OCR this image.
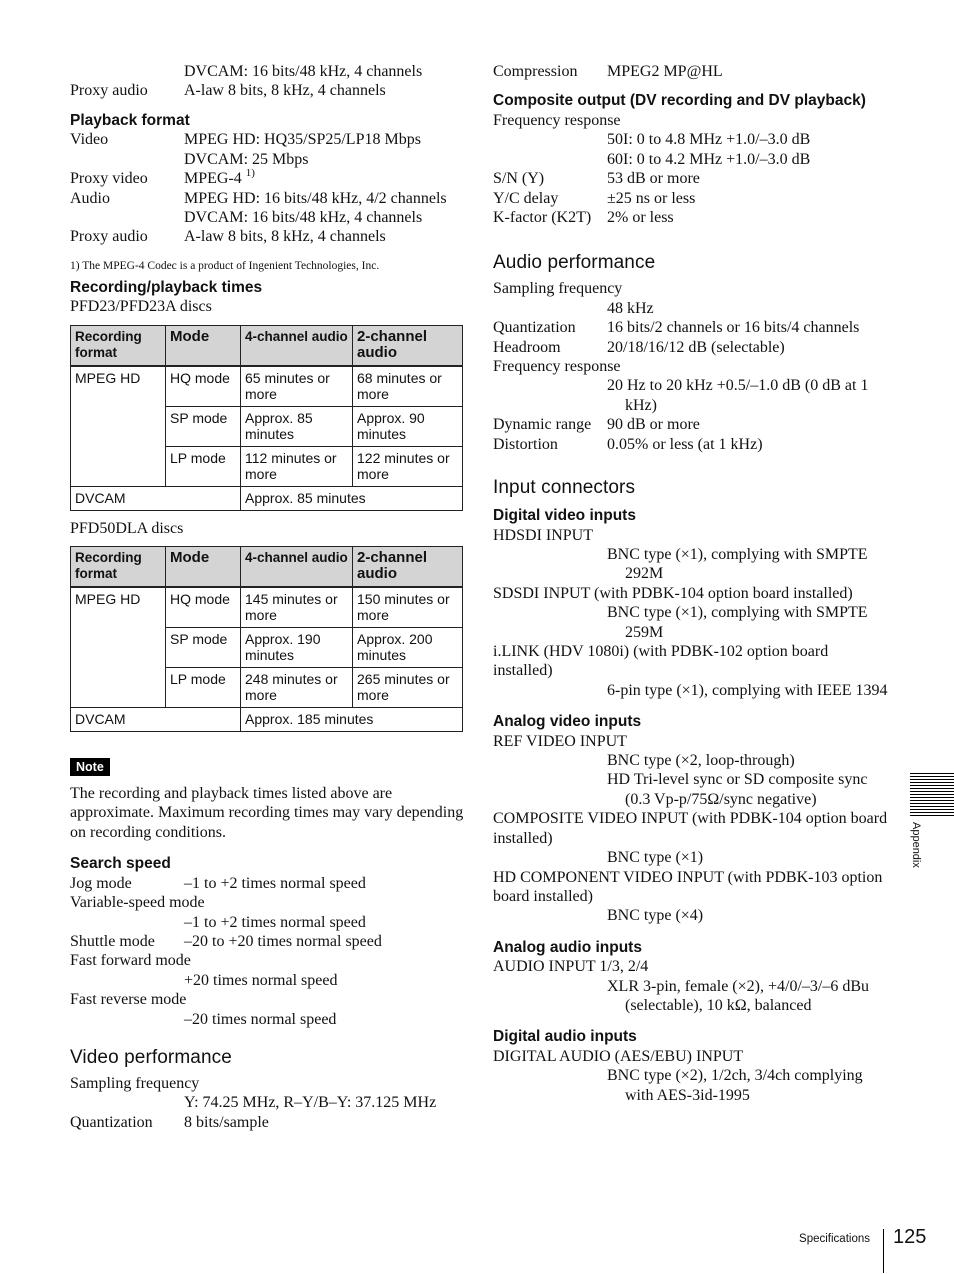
DVCAM: 16 bits/48 kHz, 4 channels
Proxy audio	A-law 8 bits, 8 kHz, 4 channels
Playback format
Video	MPEG HD: HQ35/SP25/LP18 Mbps
DVCAM: 25 Mbps
Proxy video	MPEG-4 $^{1)}$
Audio	MPEG HD: 16 bits/48 kHz, 4/2 channels
DVCAM: 16 bits/48 kHz, 4 channels
Proxy audio	A-law 8 bits, 8 kHz, 4 channels
1) The MPEG-4 Codec is a product of Ingenient Technologies, Inc.
Recording/playback times
PFD23/PFD23A discs
Recording format	Mode	4-channel audio	2-channel audio
MPEG HD	HQ mode	65 minutes or more	68 minutes or more
	SP mode	Approx. 85 minutes	Approx. 90 minutes
	LP mode	112 minutes or more	122 minutes or more
DVCAM		Approx. 85 minutes	
PFD50DLA discs
Recording format	Mode	4-channel audio	2-channel audio
MPEG HD	HQ mode	145 minutes or more	150 minutes or more
	SP mode	Approx. 190 minutes	Approx. 200 minutes
	LP mode	248 minutes or more	265 minutes or more
DVCAM		Approx. 185 minutes	
Note
The recording and playback times listed above are approximate. Maximum recording times may vary depending on recording conditions.
Search speed
Jog mode	–1 to +2 times normal speed
Variable-speed mode
–1 to +2 times normal speed
Shuttle mode	–20 to +20 times normal speed
Fast forward mode
+20 times normal speed
Fast reverse mode
–20 times normal speed
Video performance
Sampling frequency
Y: 74.25 MHz, R–Y/B–Y: 37.125 MHz
Quantization	8 bits/sample
Compression	MPEG2 MP@HL
Composite output (DV recording and DV playback)
Frequency response
50I: 0 to 4.8 MHz +1.0/–3.0 dB
60I: 0 to 4.2 MHz +1.0/–3.0 dB
S/N (Y)	53 dB or more
Y/C delay	±25 ns or less
K-factor (K2T) 2% or less
Audio performance
Sampling frequency
48 kHz
Quantization	16 bits/2 channels or 16 bits/4 channels
Headroom	20/18/16/12 dB (selectable)
Frequency response
20 Hz to 20 kHz +0.5/–1.0 dB (0 dB at 1 kHz)
Dynamic range 90 dB or more
Distortion	0.05% or less (at 1 kHz)
Input connectors
Digital video inputs
HDSDI INPUT
BNC type (×1), complying with SMPTE 292M
SDSDI INPUT (with PDBK-104 option board installed)
BNC type (×1), complying with SMPTE 259M
i.LINK (HDV 1080i) (with PDBK-102 option board installed)
6-pin type (×1), complying with IEEE 1394
Analog video inputs
REF VIDEO INPUT
BNC type (×2, loop-through)
HD Tri-level sync or SD composite sync (0.3 Vp-p/75Ω/sync negative)
COMPOSITE VIDEO INPUT (with PDBK-104 option board installed)
BNC type (×1)
HD COMPONENT VIDEO INPUT (with PDBK-103 option board installed)
BNC type (×4)
Analog audio inputs
AUDIO INPUT 1/3, 2/4
XLR 3-pin, female (×2), +4/0/–3/–6 dBu (selectable), 10 kΩ, balanced
Digital audio inputs
DIGITAL AUDIO (AES/EBU) INPUT
BNC type (×2), 1/2ch, 3/4ch complying with AES-3id-1995
Appendix
Specifications 125
